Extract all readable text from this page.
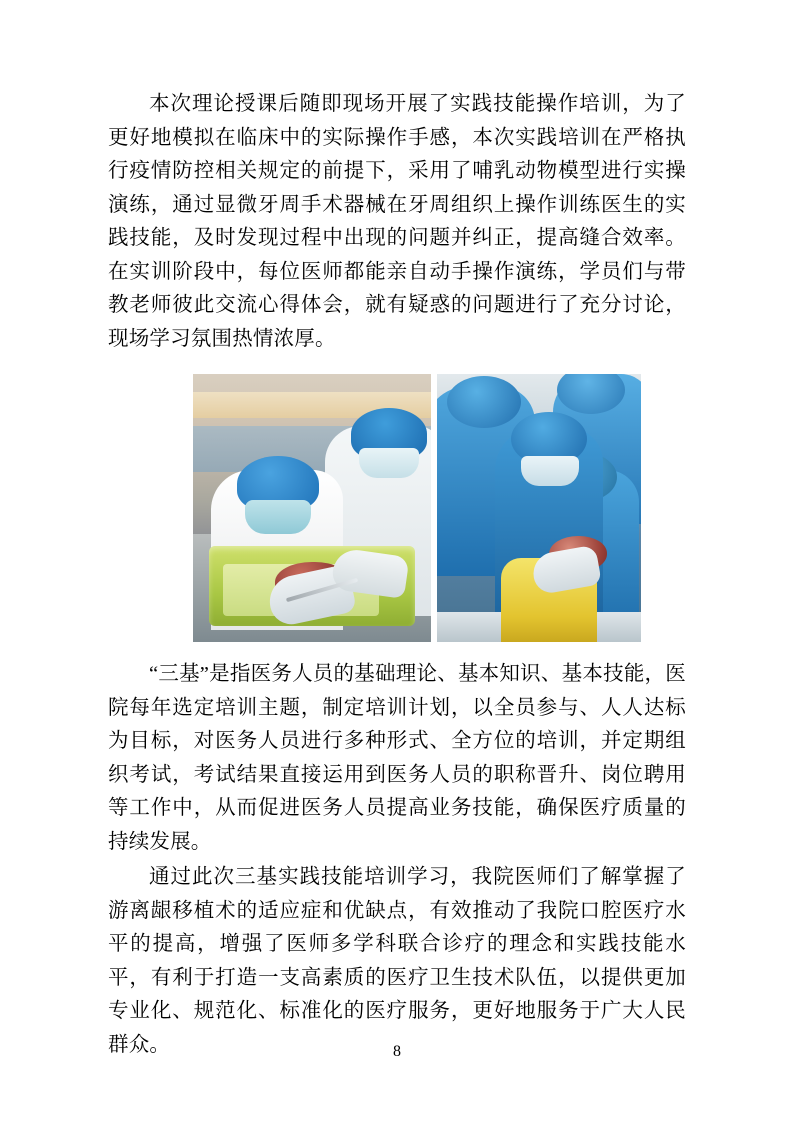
本次理论授课后随即现场开展了实践技能操作培训，为了更好地模拟在临床中的实际操作手感，本次实践培训在严格执行疫情防控相关规定的前提下，采用了哺乳动物模型进行实操演练，通过显微牙周手术器械在牙周组织上操作训练医生的实践技能，及时发现过程中出现的问题并纠正，提高缝合效率。在实训阶段中，每位医师都能亲自动手操作演练，学员们与带教老师彼此交流心得体会，就有疑惑的问题进行了充分讨论，现场学习氛围热情浓厚。

“三基”是指医务人员的基础理论、基本知识、基本技能，医院每年选定培训主题，制定培训计划，以全员参与、人人达标为目标，对医务人员进行多种形式、全方位的培训，并定期组织考试，考试结果直接运用到医务人员的职称晋升、岗位聘用等工作中，从而促进医务人员提高业务技能，确保医疗质量的持续发展。

通过此次三基实践技能培训学习，我院医师们了解掌握了游离龈移植术的适应症和优缺点，有效推动了我院口腔医疗水平的提高，增强了医师多学科联合诊疗的理念和实践技能水平，有利于打造一支高素质的医疗卫生技术队伍，以提供更加专业化、规范化、标准化的医疗服务，更好地服务于广大人民群众。	8
